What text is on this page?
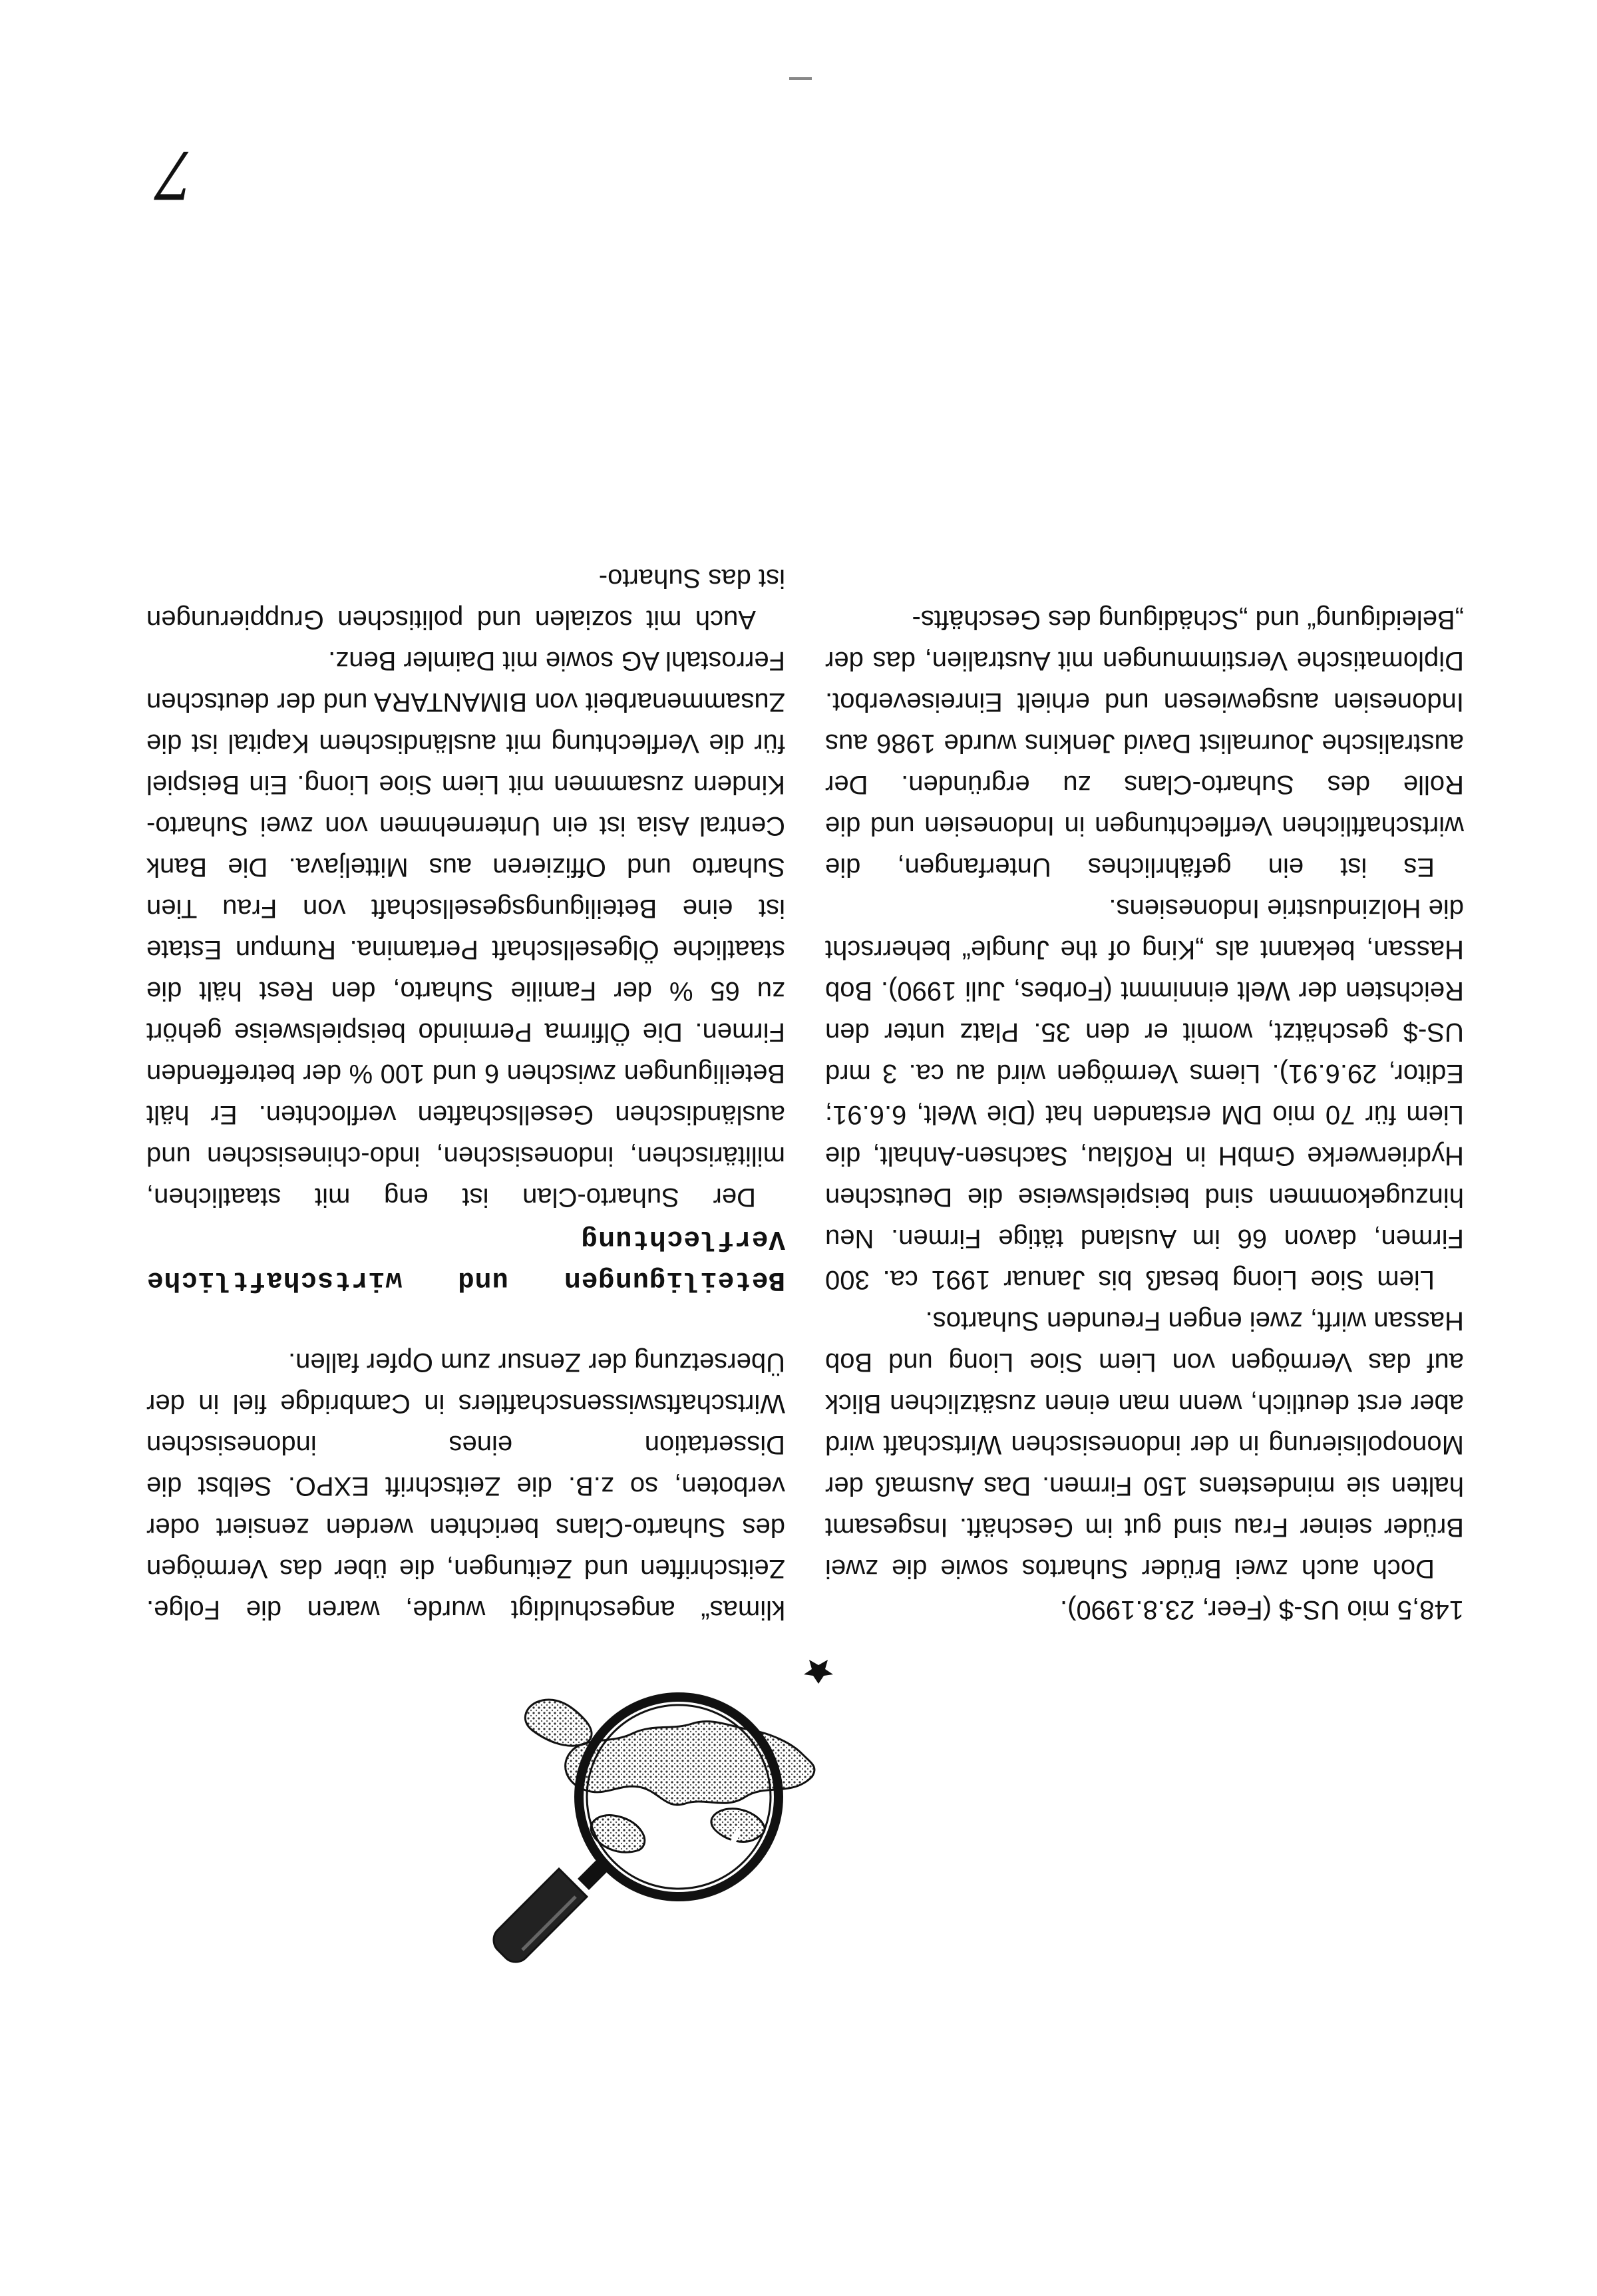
148,5 mio US-$ (Feer, 23.8.1990).

Doch auch zwei Brüder Suhartos sowie die zwei Brüder seiner Frau sind gut im Geschäft. Insgesamt halten sie mindestens 150 Firmen. Das Ausmaß der Monopolisierung in der indonesischen Wirtschaft wird aber erst deutlich, wenn man einen zusätzlichen Blick auf das Vermögen von Liem Sioe Liong und Bob Hassan wirft, zwei engen Freunden Suhartos.

Liem Sioe Liong besaß bis Januar 1991 ca. 300 Firmen, davon 66 im Ausland tätige Firmen. Neu hinzugekommen sind beispielsweise die Deutschen Hydrierwerke GmbH in Roßlau, Sachsen-Anhalt, die Liem für 70 mio DM erstanden hat (Die Welt, 6.6.91; Editor, 29.6.91). Liems Vermögen wird au ca. 3 mrd US-$ geschätzt, womit er den 35. Platz unter den Reichsten der Welt einnimmt (Forbes, Juli 1990). Bob Hassan, bekannt als „King of the Jungle“ beherrscht die Holzindustrie Indonesiens.

Es ist ein gefährliches Unterfangen, die wirtschaftlichen Verflechtungen in Indonesien und die Rolle des Suharto-Clans zu ergründen. Der australische Journalist David Jenkins wurde 1986 aus Indonesien ausgewiesen und erhielt Einreiseverbot. Diplomatische Verstimmungen mit Australien, das der „Beleidigung“ und „Schädigung des Geschäfts-

klimas“ angeschuldigt wurde, waren die Folge. Zeitschriften und Zeitungen, die über das Vermögen des Suharto-Clans berichten werden zensiert oder verboten, so z.B. die Zeitschrift EXPO. Selbst die Dissertation eines indonesischen Wirtschaftswissenschaftlers in Cambridge fiel in der Übersetzung der Zensur zum Opfer fallen.

Beteiligungen und wirtschaftliche Verflechtung

Der Suharto-Clan ist eng mit staatlichen, militärischen, indonesischen, indo-chinesischen und ausländischen Gesellschaften verflochten. Er hält Beteiligungen zwischen 6 und 100 % der betreffenden Firmen. Die Ölfirma Permindo beispielsweise gehört zu 65 % der Familie Suharto, den Rest hält die staatliche Ölgesellschaft Pertamina. Rumpun Estate ist eine Beteiligungsgesellschaft von Frau Tien Suharto und Offizieren aus Mitteljava. Die Bank Central Asia ist ein Unternehmen von zwei Suharto-Kindern zusammen mit Liem Sioe Liong. Ein Beispiel für die Verflechtung mit ausländischem Kapital ist die Zusammenarbeit von BIMANTARA und der deutschen Ferrostahl AG sowie mit Daimler Benz.

Auch mit sozialen und politischen Gruppierungen ist das Suharto-

7
